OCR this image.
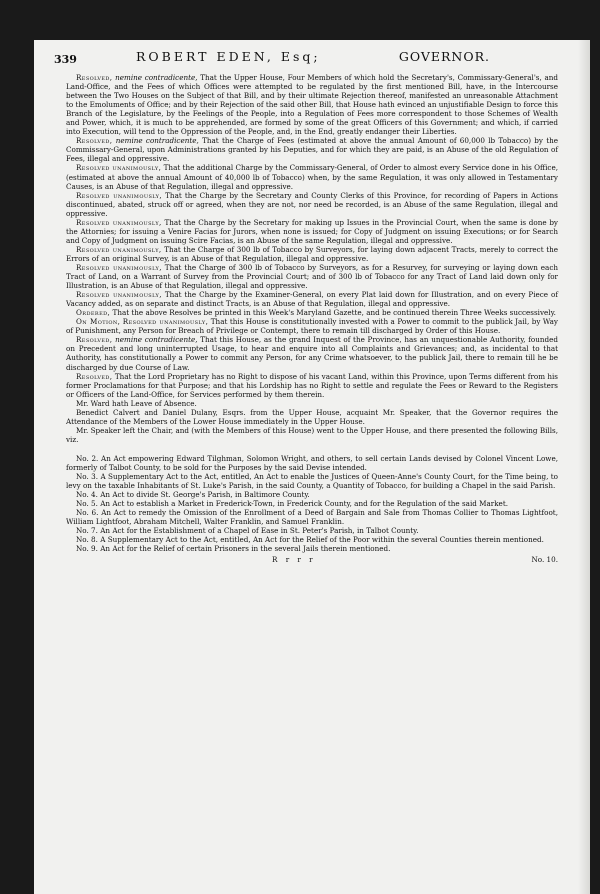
339	ROBERT EDEN, Esq;	GOVERNOR.

Resolved, nemine contradicente, That the Upper House, Four Members of which hold the Secretary's, Commissary-General's, and Land-Office, and the Fees of which Offices were attempted to be regulated by the first mentioned Bill, have, in the Intercourse between the Two Houses on the Subject of that Bill, and by their ultimate Rejection thereof, manifested an unreasonable Attachment to the Emoluments of Office; and by their Rejection of the said other Bill, that House hath evinced an unjustifiable Design to force this Branch of the Legislature, by the Feelings of the People, into a Regulation of Fees more correspondent to those Schemes of Wealth and Power, which, it is much to be apprehended, are formed by some of the great Officers of this Government; and which, if carried into Execution, will tend to the Oppression of the People, and, in the End, greatly endanger their Liberties.

Resolved, nemine contradicente, That the Charge of Fees (estimated at above the annual Amount of 60,000 lb Tobacco) by the Commissary-General, upon Administrations granted by his Deputies, and for which they are paid, is an Abuse of the old Regulation of Fees, illegal and oppressive.

Resolved unanimously, That the additional Charge by the Commissary-General, of Order to almost every Service done in his Office, (estimated at above the annual Amount of 40,000 lb of Tobacco) when, by the same Regulation, it was only allowed in Testamentary Causes, is an Abuse of that Regulation, illegal and oppressive.

Resolved unanimously, That the Charge by the Secretary and County Clerks of this Province, for recording of Papers in Actions discontinued, abated, struck off or agreed, when they are not, nor need be recorded, is an Abuse of the same Regulation, illegal and oppressive.

Resolved unanimously, That the Charge by the Secretary for making up Issues in the Provincial Court, when the same is done by the Attornies; for issuing a Venire Facias for Jurors, when none is issued; for Copy of Judgment on issuing Executions; or for Search and Copy of Judgment on issuing Scire Facias, is an Abuse of the same Regulation, illegal and oppressive.

Resolved unanimously, That the Charge of 300 lb of Tobacco by Surveyors, for laying down adjacent Tracts, merely to correct the Errors of an original Survey, is an Abuse of that Regulation, illegal and oppressive.

Resolved unanimously, That the Charge of 300 lb of Tobacco by Surveyors, as for a Resurvey, for surveying or laying down each Tract of Land, on a Warrant of Survey from the Provincial Court; and of 300 lb of Tobacco for any Tract of Land laid down only for Illustration, is an Abuse of that Regulation, illegal and oppressive.

Resolved unanimously, That the Charge by the Examiner-General, on every Plat laid down for Illustration, and on every Piece of Vacancy added, as on separate and distinct Tracts, is an Abuse of that Regulation, illegal and oppressive.

Ordered, That the above Resolves be printed in this Week's Maryland Gazette, and be continued therein Three Weeks successively.

On Motion, Resolved unanimously, That this House is constitutionally invested with a Power to commit to the publick Jail, by Way of Punishment, any Person for Breach of Privilege or Contempt, there to remain till discharged by Order of this House.

Resolved, nemine contradicente, That this House, as the grand Inquest of the Province, has an unquestionable Authority, founded on Precedent and long uninterrupted Usage, to hear and enquire into all Complaints and Grievances; and, as incidental to that Authority, has constitutionally a Power to commit any Person, for any Crime whatsoever, to the publick Jail, there to remain till he be discharged by due Course of Law.

Resolved, That the Lord Proprietary has no Right to dispose of his vacant Land, within this Province, upon Terms different from his former Proclamations for that Purpose; and that his Lordship has no Right to settle and regulate the Fees or Reward to the Registers or Officers of the Land-Office, for Services performed by them therein.

Mr. Ward hath Leave of Absence.

Benedict Calvert and Daniel Dulany, Esqrs. from the Upper House, acquaint Mr. Speaker, that the Governor requires the Attendance of the Members of the Lower House immediately in the Upper House.

Mr. Speaker left the Chair, and (with the Members of this House) went to the Upper House, and there presented the following Bills, viz.

No. 2. An Act empowering Edward Tilghman, Solomon Wright, and others, to sell certain Lands devised by Colonel Vincent Lowe, formerly of Talbot County, to be sold for the Purposes by the said Devise intended.

No. 3. A Supplementary Act to the Act, entitled, An Act to enable the Justices of Queen-Anne's County Court, for the Time being, to levy on the taxable Inhabitants of St. Luke's Parish, in the said County, a Quantity of Tobacco, for building a Chapel in the said Parish.

No. 4. An Act to divide St. George's Parish, in Baltimore County.

No. 5. An Act to establish a Market in Frederick-Town, in Frederick County, and for the Regulation of the said Market.

No. 6. An Act to remedy the Omission of the Enrollment of a Deed of Bargain and Sale from Thomas Collier to Thomas Lightfoot, William Lightfoot, Abraham Mitchell, Walter Franklin, and Samuel Franklin.

No. 7. An Act for the Establishment of a Chapel of Ease in St. Peter's Parish, in Talbot County.

No. 8. A Supplementary Act to the Act, entitled, An Act for the Relief of the Poor within the several Counties therein mentioned.

No. 9. An Act for the Relief of certain Prisoners in the several Jails therein mentioned.

R r r r	No. 10.
